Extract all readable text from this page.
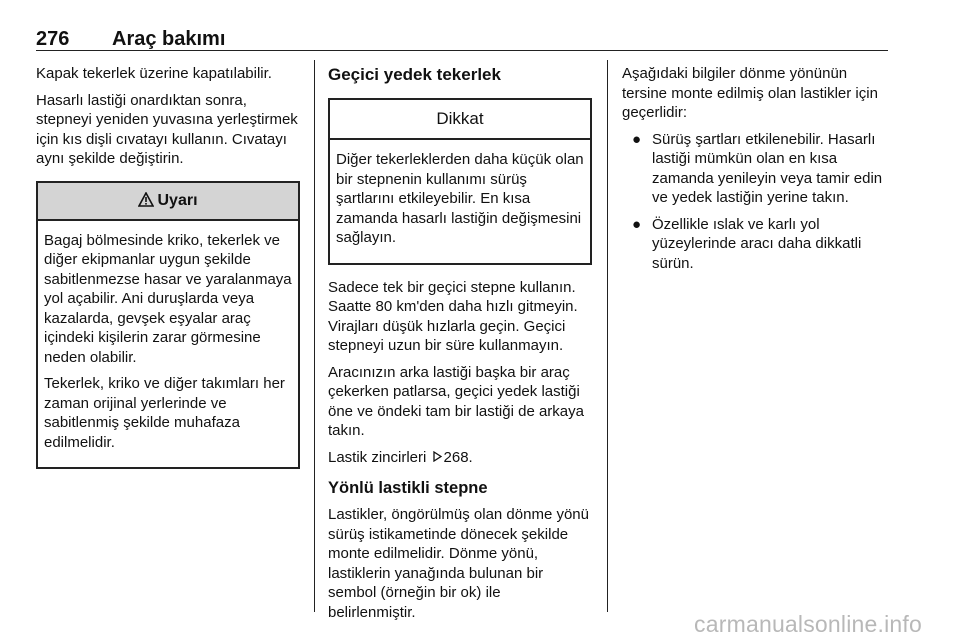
276 Araç bakımı

Kapak tekerlek üzerine kapatılabilir.

Hasarlı lastiği onardıktan sonra, stepneyi yeniden yuvasına yerleştirmek için kıs dişli cıvatayı kullanın. Cıvatayı aynı şekilde değiştirin.

Uyarı

Bagaj bölmesinde kriko, tekerlek ve diğer ekipmanlar uygun şekilde sabitlenmezse hasar ve yaralanmaya yol açabilir. Ani duruşlarda veya kazalarda, gevşek eşyalar araç içindeki kişilerin zarar görmesine neden olabilir.

Tekerlek, kriko ve diğer takımları her zaman orijinal yerlerinde ve sabitlenmiş şekilde muhafaza edilmelidir.

Geçici yedek tekerlek
Dikkat

Diğer tekerleklerden daha küçük olan bir stepnenin kullanımı sürüş şartlarını etkileyebilir. En kısa zamanda hasarlı lastiğin değişmesini sağlayın.

Sadece tek bir geçici stepne kullanın. Saatte 80 km'den daha hızlı gitmeyin. Virajları düşük hızlarla geçin. Geçici stepneyi uzun bir süre kullanmayın.

Aracınızın arka lastiği başka bir araç çekerken patlarsa, geçici yedek lastiği öne ve öndeki tam bir lastiği de arkaya takın.

Lastik zincirleri 268.

Yönlü lastikli stepne

Lastikler, öngörülmüş olan dönme yönü sürüş istikametinde dönecek şekilde monte edilmelidir. Dönme yönü, lastiklerin yanağında bulunan bir sembol (örneğin bir ok) ile belirlenmiştir.

Aşağıdaki bilgiler dönme yönünün tersine monte edilmiş olan lastikler için geçerlidir:

● Sürüş şartları etkilenebilir. Hasarlı lastiği mümkün olan en kısa zamanda yenileyin veya tamir edin ve yedek lastiğin yerine takın.
● Özellikle ıslak ve karlı yol yüzeylerinde aracı daha dikkatli sürün.
carmanualsonline.info
